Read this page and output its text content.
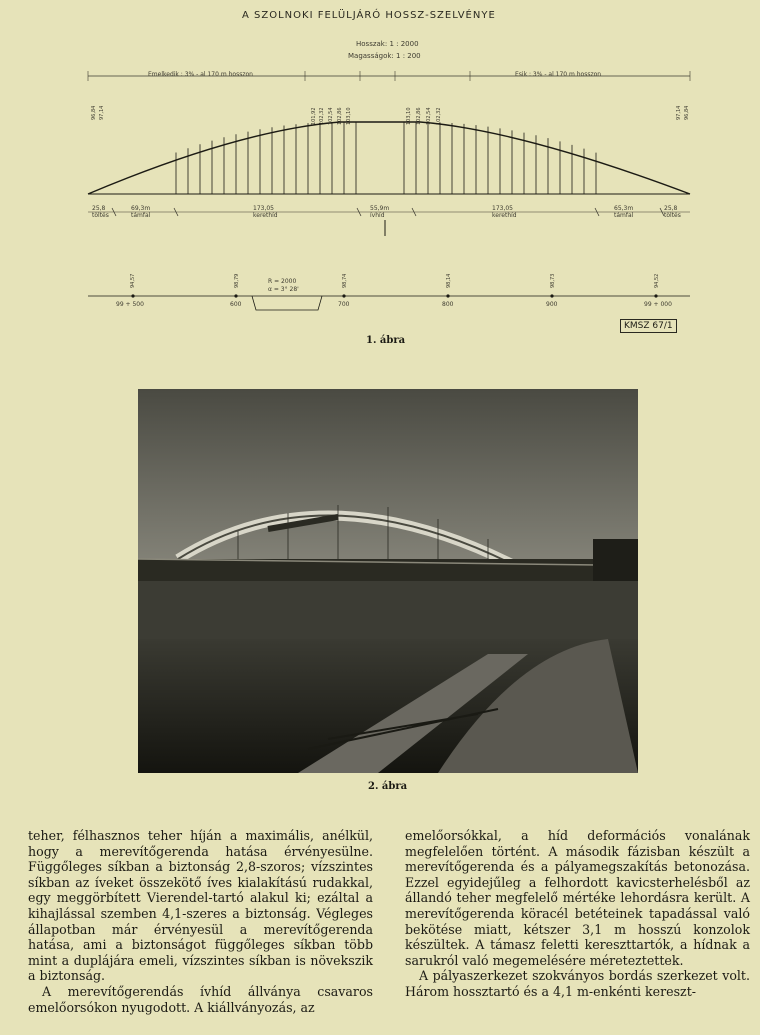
A SZOLNOKI FELÜLJÁRÓ HOSSZ-SZELVÉNYE
Hosszak: 1 : 2000
Magasságok: 1 : 200
Emelkedik : 3% - al 170 m hosszon	Esik : 3% - al 170 m hosszon
96,84 97,14	101,92 102,32 102,54 102,86 103,10	103,10 102,86 102,54 102,32	97,14 96,84
94,57	98,79	98,74	98,14	98,73	94,52
25,8
töltés
69,3m
támfal
173,05
kerethíd
55,9m
ívhíd
173,05
kerethíd
65,3m
támfal
25,8
töltés
R = 2000
α = 3° 28'
99 + 500	600	700	800	900	99 + 000
KMSZ 67/1
1. ábra
2. ábra

teher, félhasznos teher híján a maximális, anélkül, hogy a merevítőgerenda hatása érvényesülne. Függőleges síkban a biztonság 2,8-szoros; vízszintes síkban az íveket összekötő íves kialakítású rudakkal, egy meggörbített Vierendel-tartó alakul ki; ezáltal a kihajlással szemben 4,1-szeres a biztonság. Végleges állapotban már érvényesül a merevítőgerenda hatása, ami a biztonságot függőleges síkban több mint a duplájára emeli, vízszintes síkban is növekszik a biztonság.

A merevítőgerendás ívhíd állványa csavaros emelőorsókon nyugodott. A kiállványozás, az

emelőorsókkal, a híd deformációs vonalának megfelelően történt. A második fázisban készült a merevítőgerenda és a pályamegszakítás betonozása. Ezzel egyidejűleg a felhordott kavicsterhelésből az állandó teher megfelelő mértéke lehordásra került. A merevítőgerenda köracél betéteinek tapadással való bekötése miatt, kétszer 3,1 m hosszú konzolok készültek. A támasz feletti kereszttartók, a hídnak a sarukról való megemelésére méreteztettek.

A pályaszerkezet szokványos bordás szerkezet volt. Három hossztartó és a 4,1 m-enkénti kereszt-
